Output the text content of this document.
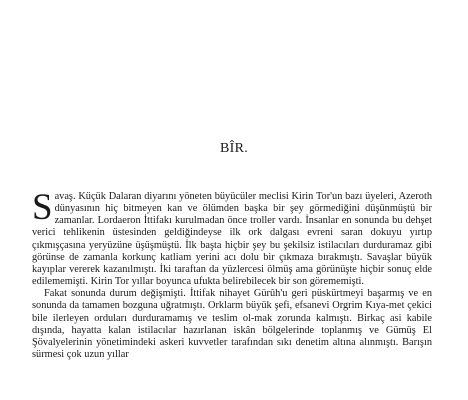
BÎR.

Savaş. Küçük Dalaran diyarını yöneten büyücüler meclisi Kirin Tor'un bazı üyeleri, Azeroth dünyasının hiç bitmeyen kan ve ölümden başka bir şey görmediğini düşünmüştü bir zamanlar. Lordaeron İttifakı kurulmadan önce troller vardı. İnsanlar en sonunda bu dehşet verici tehlikenin üstesinden geldiğindeyse ilk ork dalgası evreni saran dokuyu yırtıp çıkmışçasına yeryüzüne üşüşmüştü. İlk başta hiçbir şey bu şekilsiz istilacıları durduramaz gibi görünse de zamanla korkunç katliam yerini acı dolu bir çıkmaza bırakmıştı. Savaşlar büyük kayıplar vererek kazanılmıştı. İki taraftan da yüzlercesi ölmüş ama görünüşte hiçbir sonuç elde edilememişti. Kirin Tor yıllar boyunca ufukta belirebilecek bir son görememişti.

Fakat sonunda durum değişmişti. İttifak nihayet Gürûh'u geri püskürtmeyi başarmış ve en sonunda da tamamen bozguna uğratmıştı. Orklarm büyük şefi, efsanevi Orgrim Kıya-met çekici bile ilerleyen orduları durduramamış ve teslim ol-mak zorunda kalmıştı. Birkaç asi kabile dışında, hayatta kalan istilacılar hazırlanan iskân bölgelerinde toplanmış ve Gümüş El Şövalyelerinin yönetimindeki askeri kuvvetler tarafından sıkı denetim altına alınmıştı. Barışın sürmesi çok uzun yıllar
